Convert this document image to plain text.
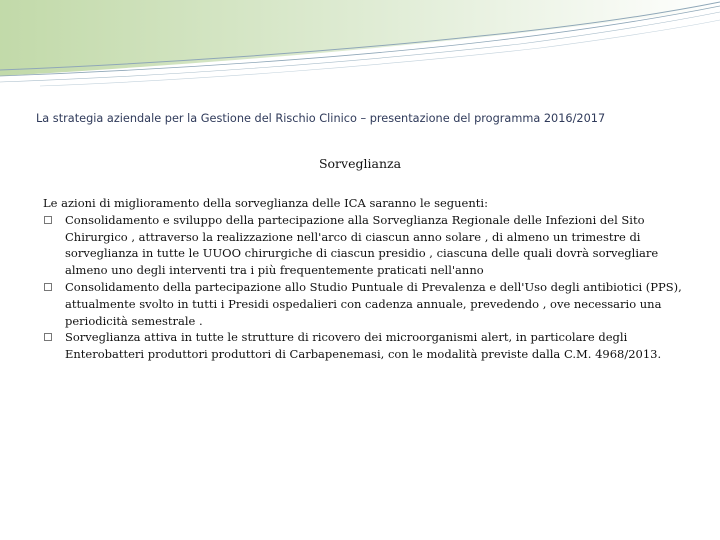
La strategia aziendale per la Gestione del Rischio Clinico – presentazione del programma 2016/2017
Sorveglianza

Le azioni di miglioramento della sorveglianza delle ICA saranno le seguenti:

Consolidamento e sviluppo della partecipazione alla Sorveglianza Regionale delle Infezioni del Sito Chirurgico , attraverso la realizzazione nell'arco di ciascun anno solare , di almeno un trimestre di sorveglianza in tutte le UUOO chirurgiche di ciascun presidio , ciascuna delle quali dovrà sorvegliare almeno uno degli interventi tra i più frequentemente praticati nell'anno
Consolidamento della partecipazione allo Studio Puntuale di Prevalenza e dell'Uso degli antibiotici (PPS), attualmente svolto in tutti i Presidi ospedalieri con cadenza annuale, prevedendo , ove necessario una periodicità semestrale .
Sorveglianza attiva in tutte le strutture di ricovero dei microorganismi alert, in particolare degli Enterobatteri produttori produttori di Carbapenemasi, con le modalità previste dalla C.M. 4968/2013.
